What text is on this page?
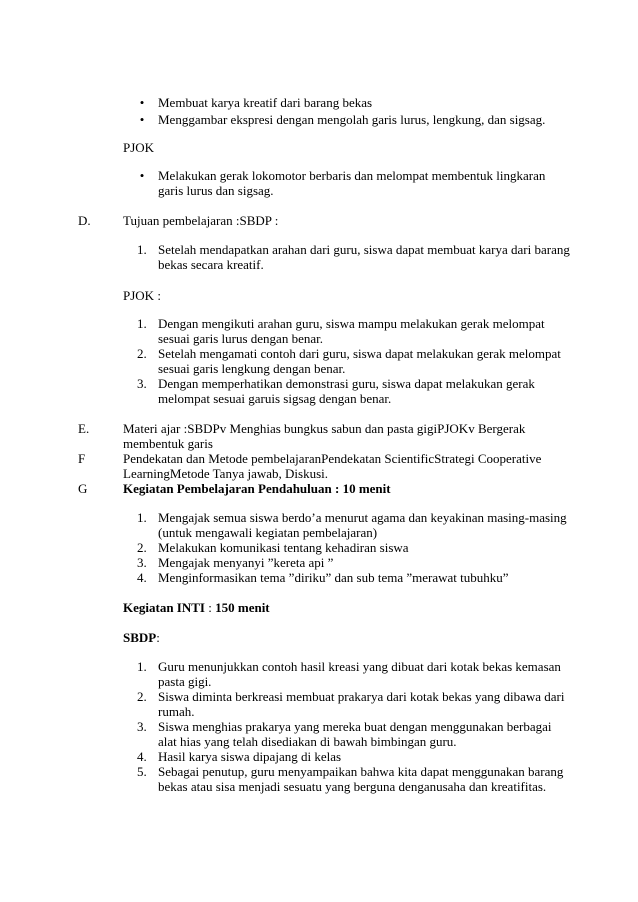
• Membuat karya kreatif dari barang bekas
• Menggambar ekspresi dengan mengolah garis lurus, lengkung, dan sigsag.
PJOK
• Melakukan gerak lokomotor berbaris dan melompat membentuk lingkaran garis lurus dan sigsag.
D. Tujuan pembelajaran :SBDP :
1. Setelah mendapatkan arahan dari guru, siswa dapat membuat karya dari barang bekas secara kreatif.
PJOK :
1. Dengan mengikuti arahan guru, siswa mampu melakukan gerak melompat sesuai garis lurus dengan benar.
2. Setelah mengamati contoh dari guru, siswa dapat melakukan gerak melompat sesuai garis lengkung dengan benar.
3. Dengan memperhatikan demonstrasi guru, siswa dapat melakukan gerak melompat sesuai garuis sigsag dengan benar.
E.	Materi ajar :SBDPv Menghias bungkus sabun dan pasta gigiPJOKv Bergerak membentuk garis
F	Pendekatan dan Metode pembelajaranPendekatan ScientificStrategi Cooperative LearningMetode Tanya jawab, Diskusi.
G	Kegiatan Pembelajaran Pendahuluan : 10 menit
1. Mengajak semua siswa berdo’a menurut agama dan keyakinan masing-masing (untuk mengawali kegiatan pembelajaran)
2. Melakukan komunikasi tentang kehadiran siswa
3. Mengajak menyanyi ”kereta api ”
4. Menginformasikan tema ”diriku” dan sub tema ”merawat tubuhku”
Kegiatan INTI : 150 menit
SBDP:
1. Guru menunjukkan contoh hasil kreasi yang dibuat dari kotak bekas kemasan pasta gigi.
2. Siswa diminta berkreasi membuat prakarya dari kotak bekas yang dibawa dari rumah.
3. Siswa menghias prakarya yang mereka buat dengan menggunakan berbagai alat hias yang telah disediakan di bawah bimbingan guru.
4. Hasil karya siswa dipajang di kelas
5. Sebagai penutup, guru menyampaikan bahwa kita dapat menggunakan barang bekas atau sisa menjadi sesuatu yang berguna denganusaha dan kreatifitas.
